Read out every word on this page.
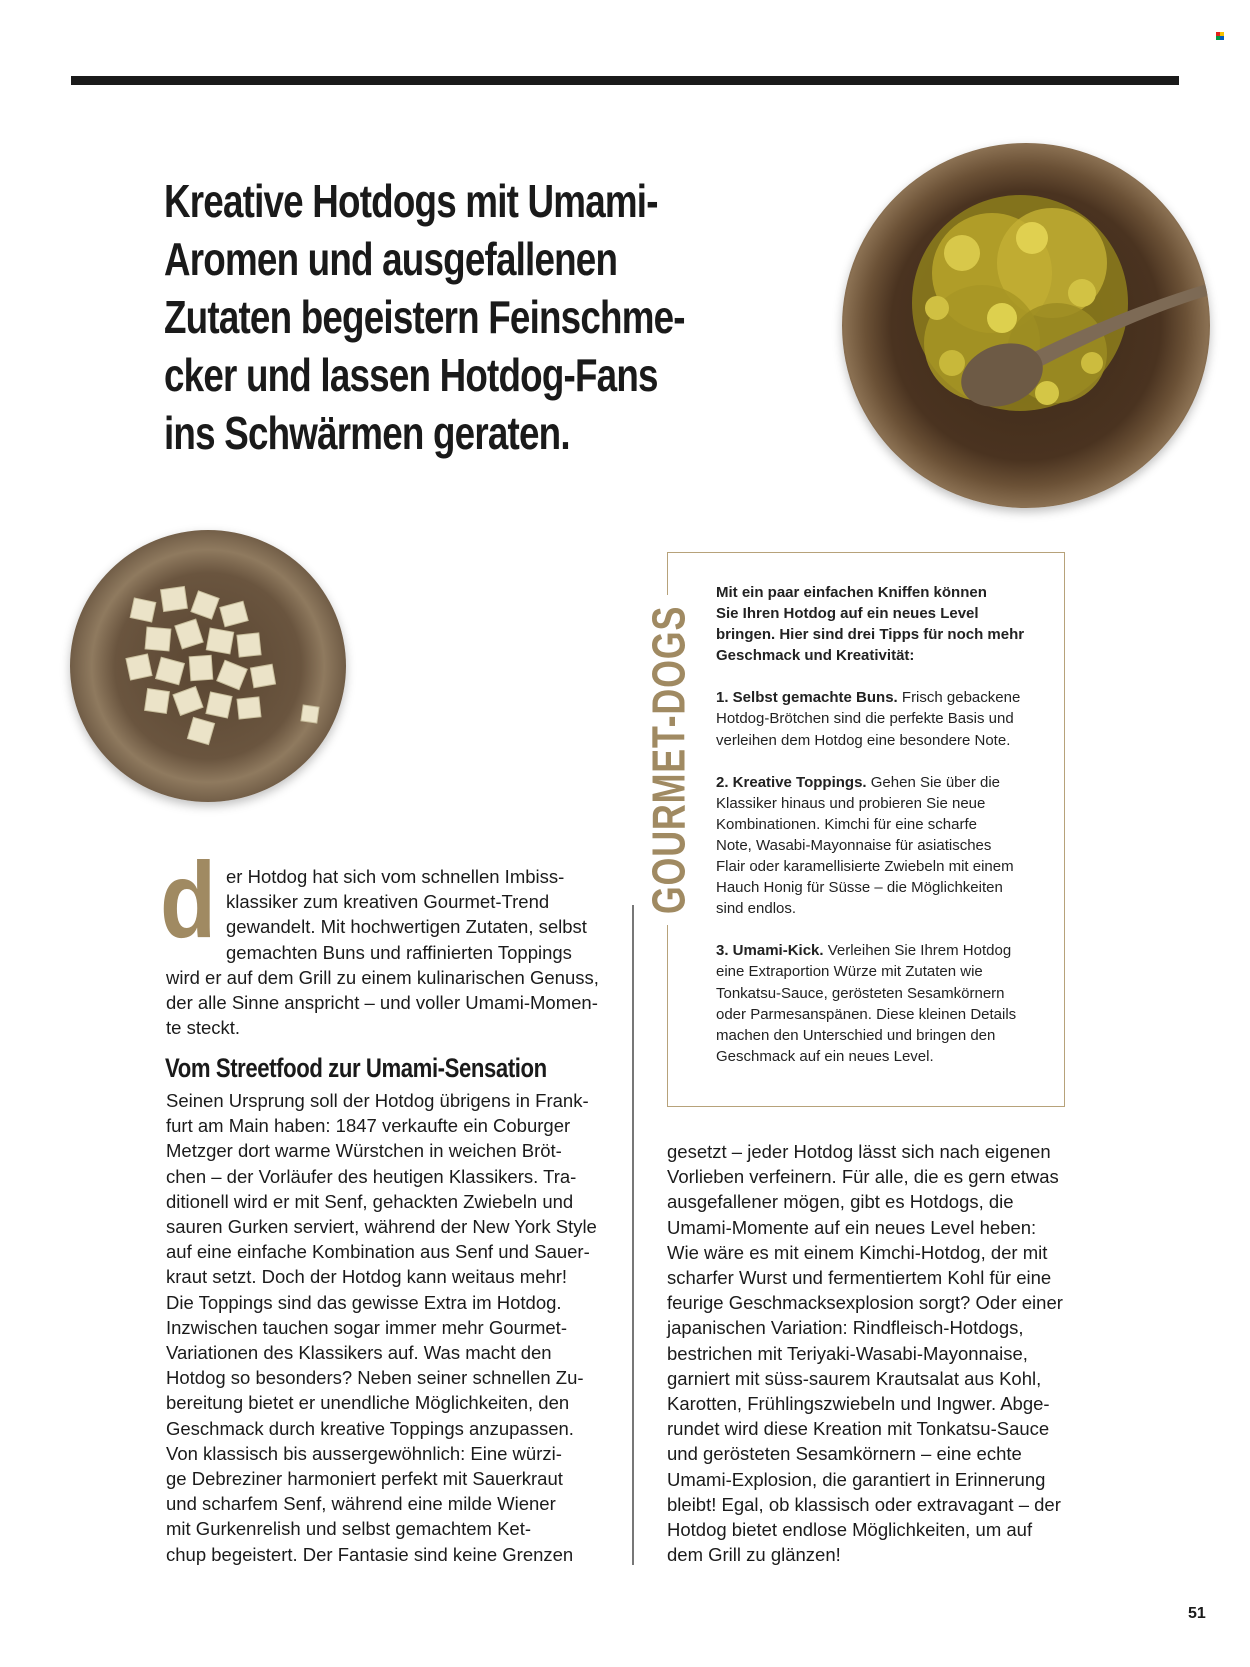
Kreative Hotdogs mit Umami-
Aromen und ausgefallenen
Zutaten begeistern Feinschme-
cker und lassen Hotdog-Fans
ins Schwärmen geraten.
d er Hotdog hat sich vom schnellen Imbiss-
klassiker zum kreativen Gourmet-Trend
gewandelt. Mit hochwertigen Zutaten, selbst
gemachten Buns und raffinierten Toppings
wird er auf dem Grill zu einem kulinarischen Genuss,
der alle Sinne anspricht – und voller Umami-Momen-
te steckt.
Vom Streetfood zur Umami-Sensation
Seinen Ursprung soll der Hotdog übrigens in Frank-
furt am Main haben: 1847 verkaufte ein Coburger
Metzger dort warme Würstchen in weichen Bröt-
chen – der Vorläufer des heutigen Klassikers. Tra-
ditionell wird er mit Senf, gehackten Zwiebeln und
sauren Gurken serviert, während der New York Style
auf eine einfache Kombination aus Senf und Sauer-
kraut setzt. Doch der Hotdog kann weitaus mehr!
Die Toppings sind das gewisse Extra im Hotdog.
Inzwischen tauchen sogar immer mehr Gourmet-
Variationen des Klassikers auf. Was macht den
Hotdog so besonders? Neben seiner schnellen Zu-
bereitung bietet er unendliche Möglichkeiten, den
Geschmack durch kreative Toppings anzupassen.
Von klassisch bis aussergewöhnlich: Eine würzi-
ge Debreziner harmoniert perfekt mit Sauerkraut
und scharfem Senf, während eine milde Wiener
mit Gurkenrelish und selbst gemachtem Ket-
chup begeistert. Der Fantasie sind keine Grenzen
GOURMET-DOGS

Mit ein paar einfachen Kniffen können
Sie Ihren Hotdog auf ein neues Level
bringen. Hier sind drei Tipps für noch mehr
Geschmack und Kreativität:

1. Selbst gemachte Buns. Frisch gebackene
Hotdog-Brötchen sind die perfekte Basis und
verleihen dem Hotdog eine besondere Note.

2. Kreative Toppings. Gehen Sie über die
Klassiker hinaus und probieren Sie neue
Kombinationen. Kimchi für eine scharfe
Note, Wasabi-Mayonnaise für asiatisches
Flair oder karamellisierte Zwiebeln mit einem
Hauch Honig für Süsse – die Möglichkeiten
sind endlos.

3. Umami-Kick. Verleihen Sie Ihrem Hotdog
eine Extraportion Würze mit Zutaten wie
Tonkatsu-Sauce, gerösteten Sesamkörnern
oder Parmesanspänen. Diese kleinen Details
machen den Unterschied und bringen den
Geschmack auf ein neues Level.

gesetzt – jeder Hotdog lässt sich nach eigenen
Vorlieben verfeinern. Für alle, die es gern etwas
ausgefallener mögen, gibt es Hotdogs, die
Umami-Momente auf ein neues Level heben:
Wie wäre es mit einem Kimchi-Hotdog, der mit
scharfer Wurst und fermentiertem Kohl für eine
feurige Geschmacksexplosion sorgt? Oder einer
japanischen Variation: Rindfleisch-Hotdogs,
bestrichen mit Teriyaki-Wasabi-Mayonnaise,
garniert mit süss-saurem Krautsalat aus Kohl,
Karotten, Frühlingszwiebeln und Ingwer. Abge-
rundet wird diese Kreation mit Tonkatsu-Sauce
und gerösteten Sesamkörnern – eine echte
Umami-Explosion, die garantiert in Erinnerung
bleibt! Egal, ob klassisch oder extravagant – der
Hotdog bietet endlose Möglichkeiten, um auf
dem Grill zu glänzen!
51
